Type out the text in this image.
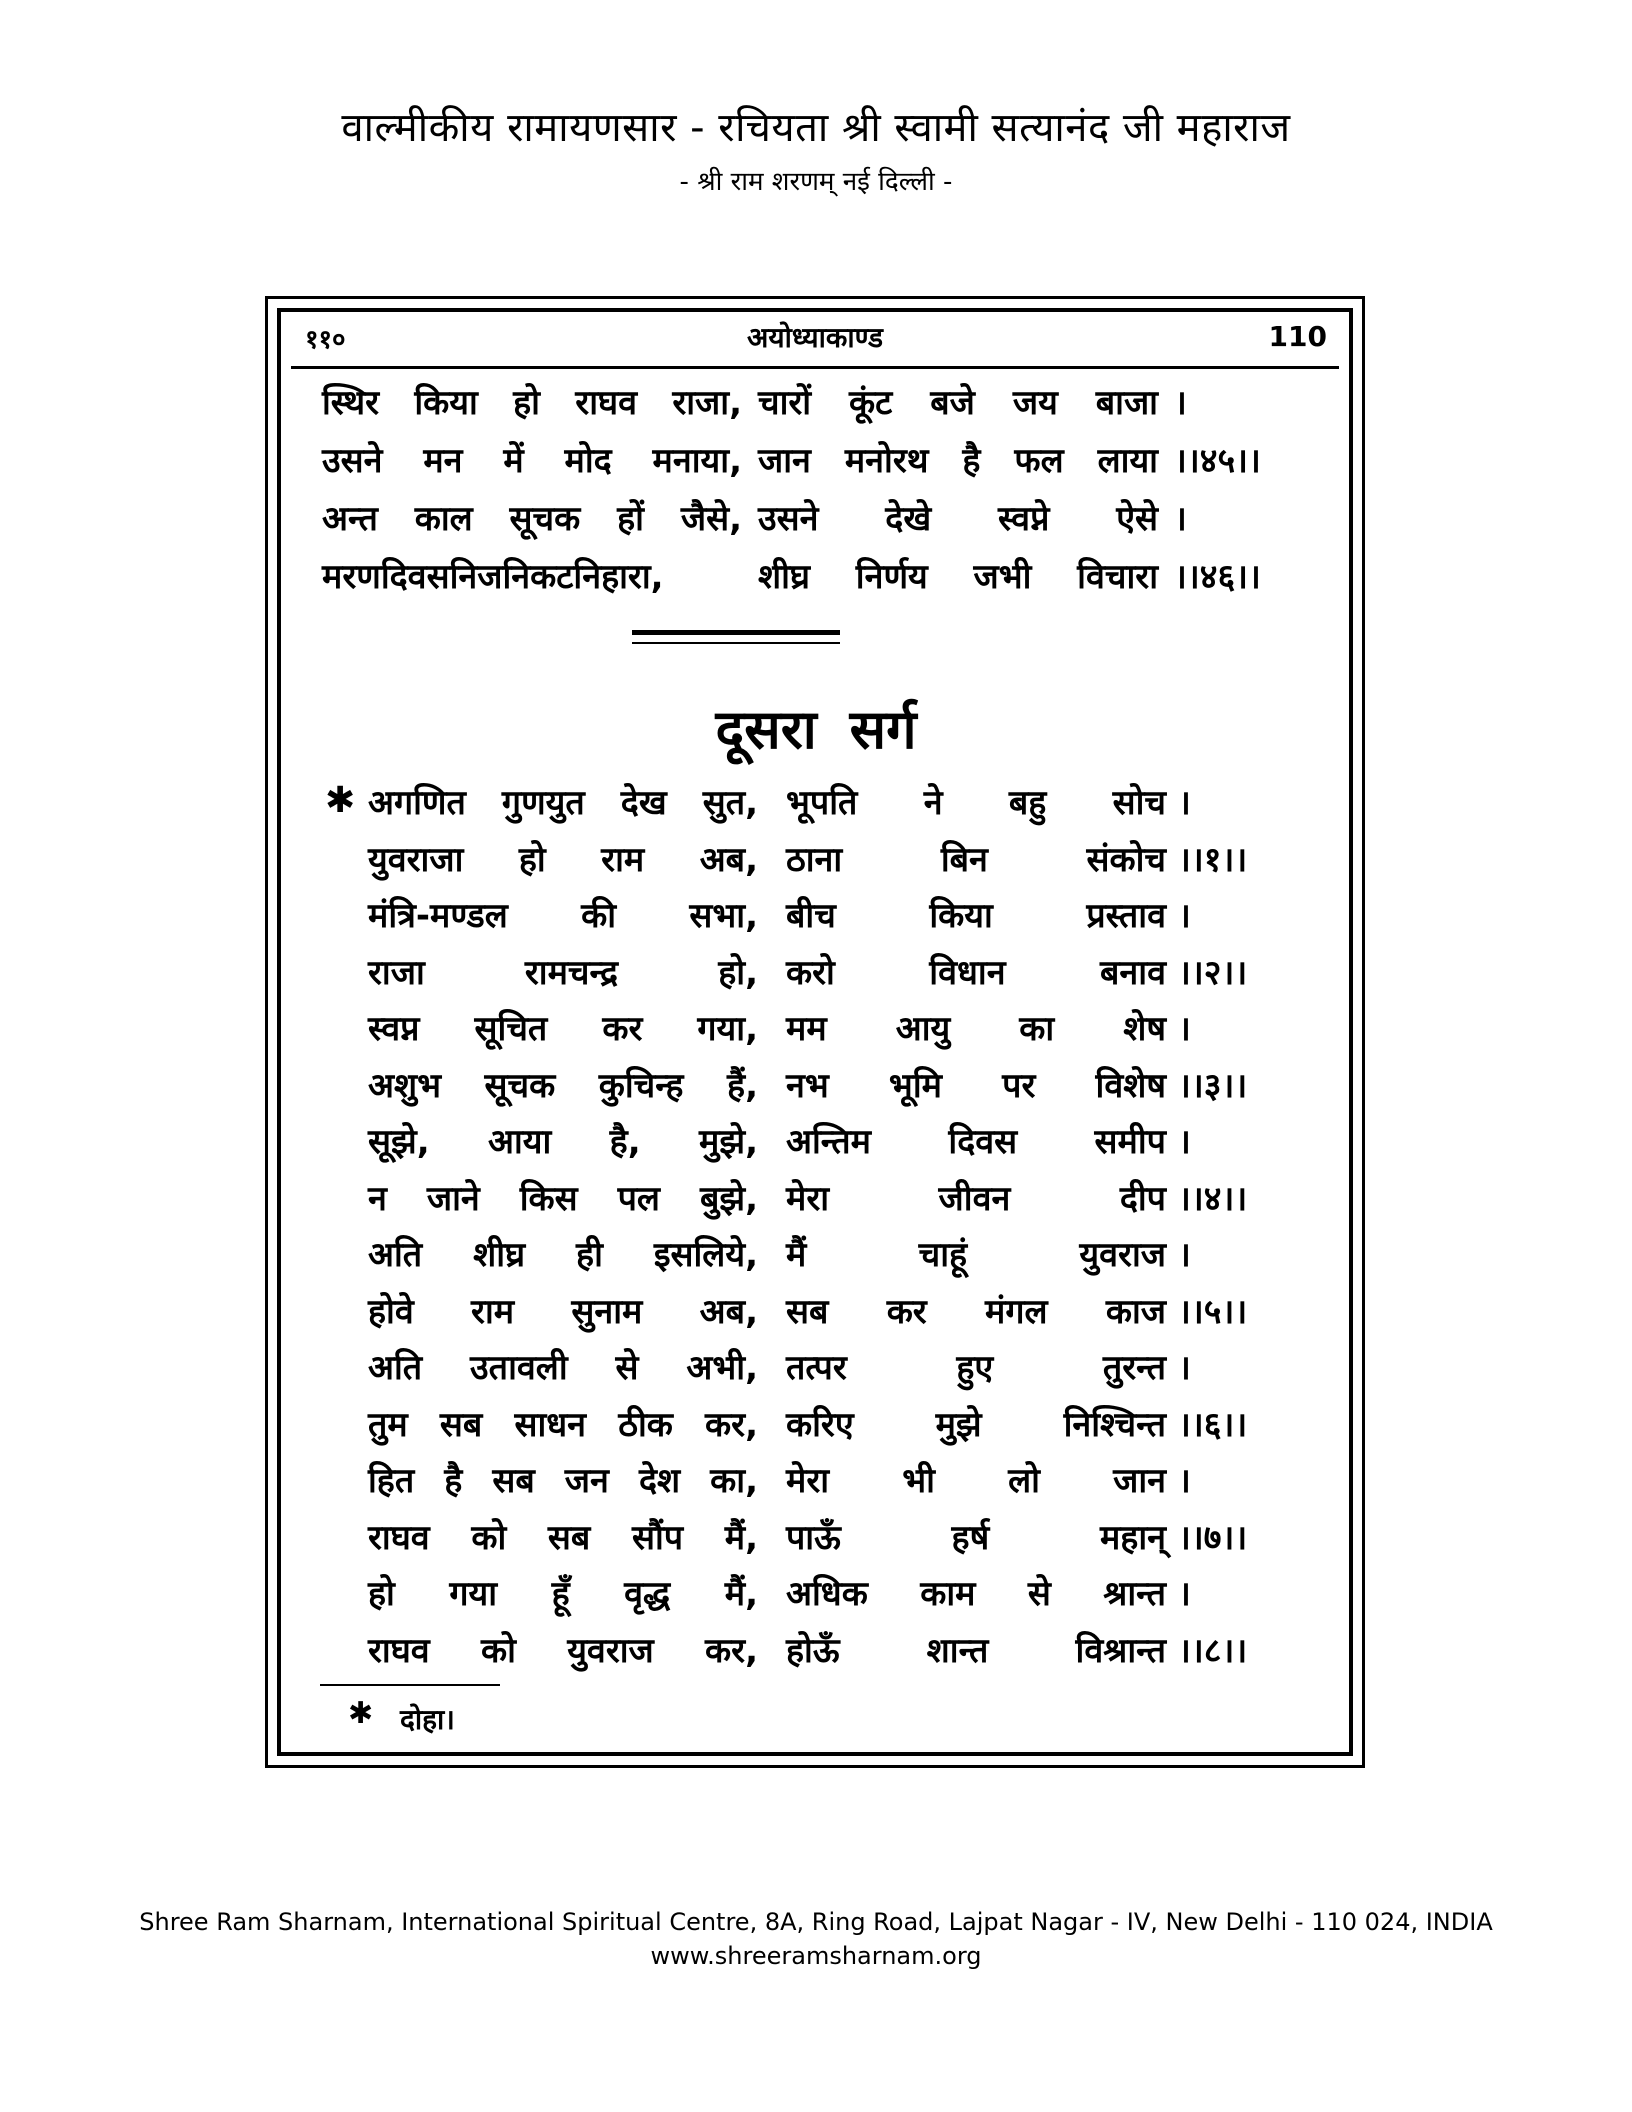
वाल्मीकीय रामायणसार - रचियता श्री स्वामी सत्यानंद जी महाराज
- श्री राम शरणम् नई दिल्ली -
११०	अयोध्याकाण्ड	110
स्थिर किया हो राघव राजा, चारों कूंट बजे जय बाजा ।
उसने मन में मोद मनाया, जान मनोरथ है फल लाया ।।४५।।
अन्त काल सूचक हों जैसे, उसने देखे स्वप्ने ऐसे ।
मरणदिवसनिजनिकटनिहारा,	शीघ्र निर्णय जभी विचारा ।।४६।।
दूसरा सर्ग
✱ अगणित गुणयुत देख सुत, भूपति ने बहु सोच ।
युवराजा हो राम अब, ठाना बिन संकोच ।।१।।
मंत्रि-मण्डल की सभा, बीच किया प्रस्ताव ।
राजा रामचन्द्र हो, करो विधान बनाव ।।२।।
स्वप्न सूचित कर गया, मम आयु का शेष ।
अशुभ सूचक कुचिन्ह हैं, नभ भूमि पर विशेष ।।३।।
सूझे, आया है, मुझे, अन्तिम दिवस समीप ।
न जाने किस पल बुझे, मेरा जीवन दीप ।।४।।
अति शीघ्र ही इसलिये, मैं चाहूं युवराज ।
होवे राम सुनाम अब, सब कर मंगल काज ।।५।।
अति उतावली से अभी, तत्पर हुए तुरन्त ।
तुम सब साधन ठीक कर, करिए मुझे निश्चिन्त ।।६।।
हित है सब जन देश का, मेरा भी लो जान ।
राघव को सब सौंप मैं, पाऊँ हर्ष महान् ।।७।।
हो गया हूँ वृद्ध मैं, अधिक काम से श्रान्त ।
राघव को युवराज कर, होऊँ शान्त विश्रान्त ।।८।।
✱ दोहा।
Shree Ram Sharnam, International Spiritual Centre, 8A, Ring Road, Lajpat Nagar - IV, New Delhi - 110 024, INDIA
www.shreeramsharnam.org
